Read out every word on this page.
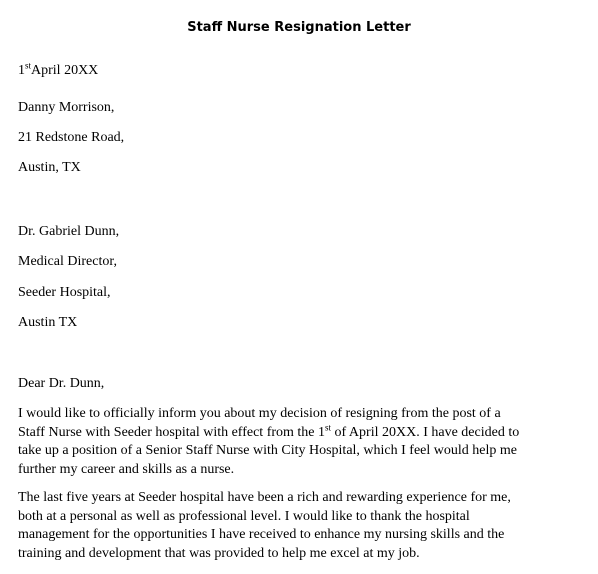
Staff Nurse Resignation Letter
1stApril 20XX
Danny Morrison,
21 Redstone Road,
Austin, TX
Dr. Gabriel Dunn,
Medical Director,
Seeder Hospital,
Austin TX
Dear Dr. Dunn,
I would like to officially inform you about my decision of resigning from the post of a
Staff Nurse with Seeder hospital with effect from the 1st of April 20XX. I have decided to
take up a position of a Senior Staff Nurse with City Hospital, which I feel would help me
further my career and skills as a nurse.
The last five years at Seeder hospital have been a rich and rewarding experience for me,
both at a personal as well as professional level. I would like to thank the hospital
management for the opportunities I have received to enhance my nursing skills and the
training and development that was provided to help me excel at my job.
